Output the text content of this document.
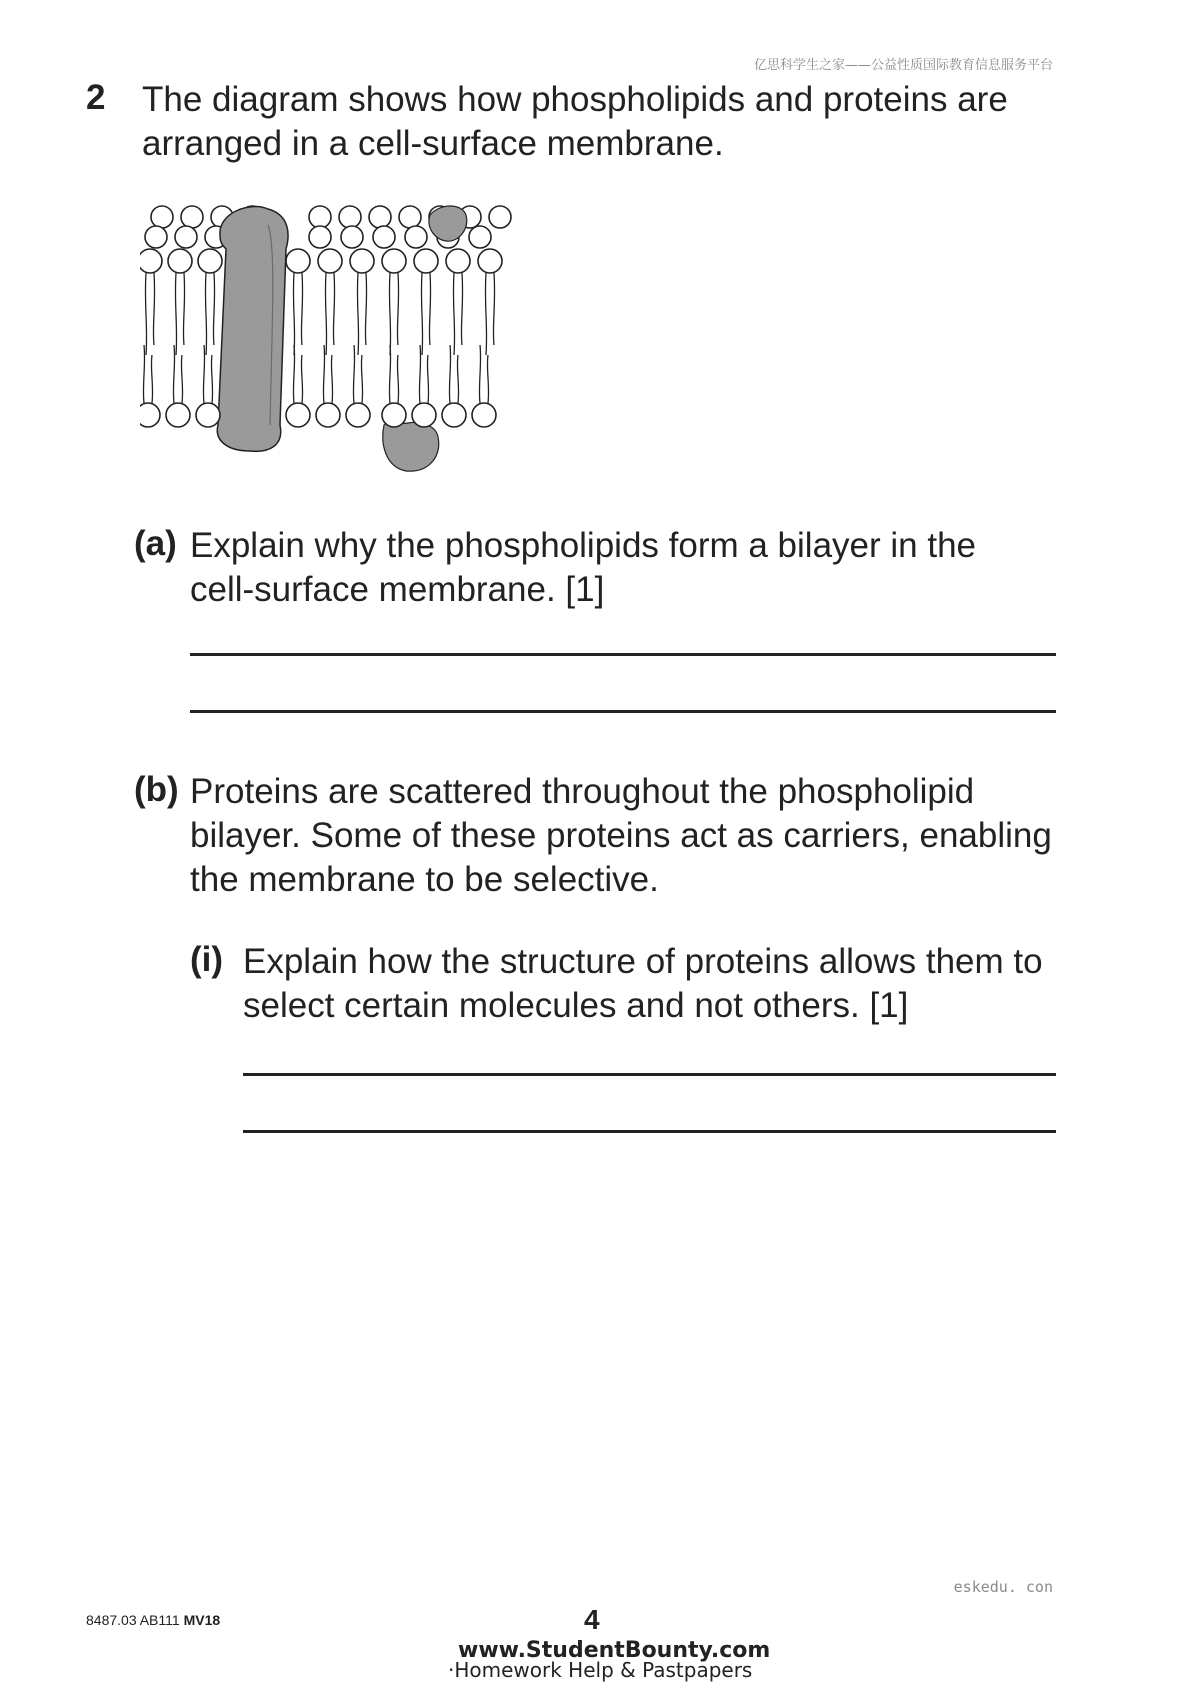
亿思科学生之家——公益性质国际教育信息服务平台
2 The diagram shows how phospholipids and proteins are
arranged in a cell-surface membrane.
(a) Explain why the phospholipids form a bilayer in the
cell-surface membrane. [1]
(b) Proteins are scattered throughout the phospholipid
bilayer. Some of these proteins act as carriers, enabling
the membrane to be selective.
(i) Explain how the structure of proteins allows them to
select certain molecules and not others. [1]
eskedu. con
8487.03 AB111 MV18	4
www.StudentBounty.com
·Homework Help & Pastpapers
